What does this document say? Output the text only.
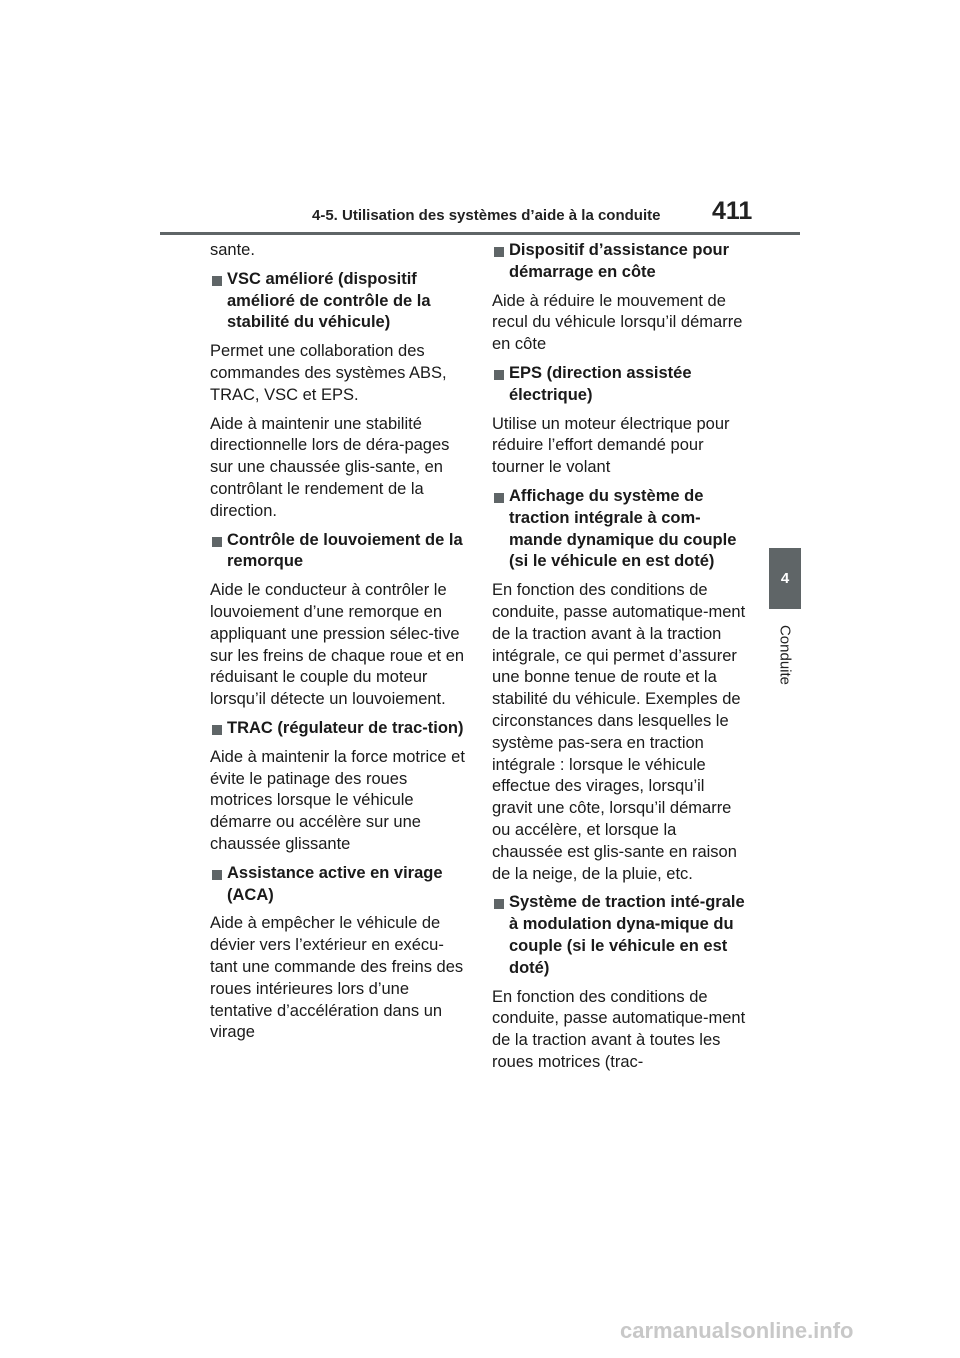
4-5. Utilisation des systèmes d’aide à la conduite 411
4
Conduite

sante.

VSC amélioré (dispositif amélioré de contrôle de la stabilité du véhicule)

Permet une collaboration des commandes des systèmes ABS, TRAC, VSC et EPS.

Aide à maintenir une stabilité directionnelle lors de déra-pages sur une chaussée glis-sante, en contrôlant le rendement de la direction.

Contrôle de louvoiement de la remorque

Aide le conducteur à contrôler le louvoiement d’une remorque en appliquant une pression sélec-tive sur les freins de chaque roue et en réduisant le couple du moteur lorsqu’il détecte un louvoiement.

TRAC (régulateur de trac-tion)

Aide à maintenir la force motrice et évite le patinage des roues motrices lorsque le véhicule démarre ou accélère sur une chaussée glissante

Assistance active en virage (ACA)

Aide à empêcher le véhicule de dévier vers l’extérieur en exécu-tant une commande des freins des roues intérieures lors d’une tentative d’accélération dans un virage

Dispositif d’assistance pour démarrage en côte

Aide à réduire le mouvement de recul du véhicule lorsqu’il démarre en côte

EPS (direction assistée électrique)

Utilise un moteur électrique pour réduire l’effort demandé pour tourner le volant

Affichage du système de traction intégrale à com-mande dynamique du couple (si le véhicule en est doté)

En fonction des conditions de conduite, passe automatique-ment de la traction avant à la traction intégrale, ce qui permet d’assurer une bonne tenue de route et la stabilité du véhicule. Exemples de circonstances dans lesquelles le système pas-sera en traction intégrale : lorsque le véhicule effectue des virages, lorsqu’il gravit une côte, lorsqu’il démarre ou accélère, et lorsque la chaussée est glis-sante en raison de la neige, de la pluie, etc.

Système de traction inté-grale à modulation dyna-mique du couple (si le véhicule en est doté)

En fonction des conditions de conduite, passe automatique-ment de la traction avant à toutes les roues motrices (trac-

carmanualsonline.info
